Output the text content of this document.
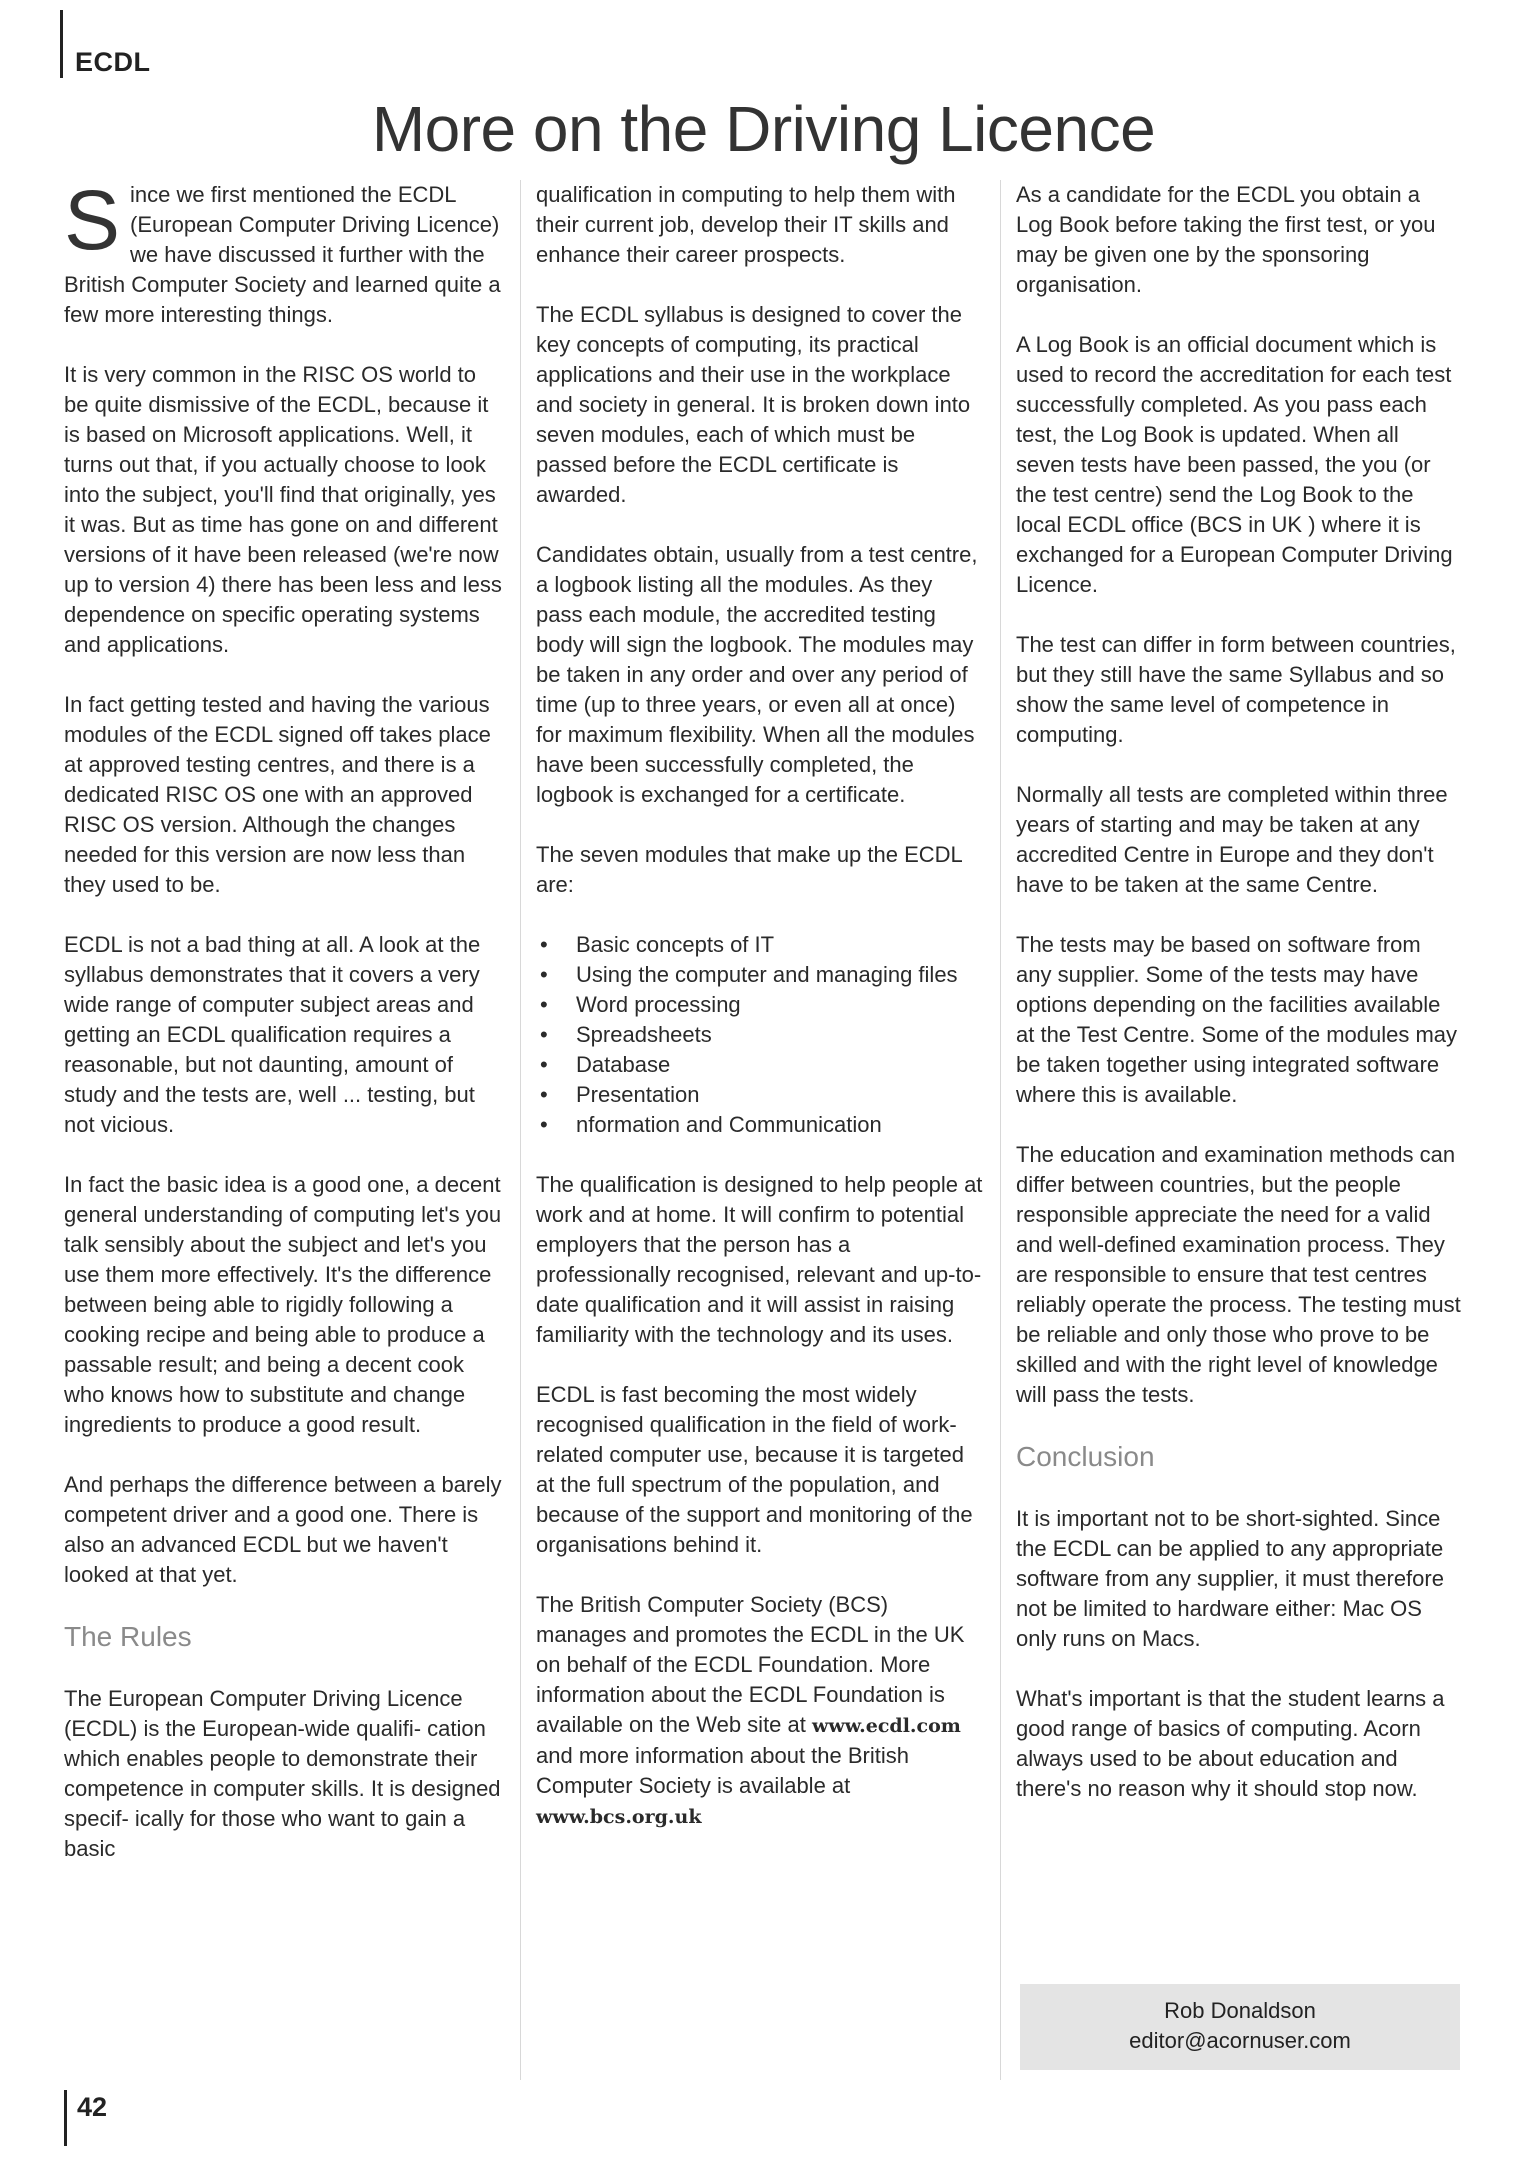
ECDL
More on the Driving Licence

Since we first mentioned the ECDL (European Computer Driving Licence) we have discussed it further with the British Computer Society and learned quite a few more interesting things.

It is very common in the RISC OS world to be quite dismissive of the ECDL, because it is based on Microsoft applications. Well, it turns out that, if you actually choose to look into the subject, you'll find that originally, yes it was. But as time has gone on and different versions of it have been released (we're now up to version 4) there has been less and less dependence on specific operating systems and applications.

In fact getting tested and having the various modules of the ECDL signed off takes place at approved testing centres, and there is a dedicated RISC OS one with an approved RISC OS version. Although the changes needed for this version are now less than they used to be.

ECDL is not a bad thing at all. A look at the syllabus demonstrates that it covers a very wide range of computer subject areas and getting an ECDL qualification requires a reasonable, but not daunting, amount of study and the tests are, well ... testing, but not vicious.

In fact the basic idea is a good one, a decent general understanding of computing let's you talk sensibly about the subject and let's you use them more effectively. It's the difference between being able to rigidly following a cooking recipe and being able to produce a passable result; and being a decent cook who knows how to substitute and change ingredients to produce a good result.

And perhaps the difference between a barely competent driver and a good one. There is also an advanced ECDL but we haven't looked at that yet.

The Rules

The European Computer Driving Licence (ECDL) is the European-wide qualifi- cation which enables people to demonstrate their competence in computer skills. It is designed specif- ically for those who want to gain a basic

qualification in computing to help them with their current job, develop their IT skills and enhance their career prospects.

The ECDL syllabus is designed to cover the key concepts of computing, its practical applications and their use in the workplace and society in general. It is broken down into seven modules, each of which must be passed before the ECDL certificate is awarded.

Candidates obtain, usually from a test centre, a logbook listing all the modules. As they pass each module, the accredited testing body will sign the logbook. The modules may be taken in any order and over any period of time (up to three years, or even all at once) for maximum flexibility. When all the modules have been successfully completed, the logbook is exchanged for a certificate.

The seven modules that make up the ECDL are:

• Basic concepts of IT
• Using the computer and managing files
• Word processing
• Spreadsheets
• Database
• Presentation
• nformation and Communication

The qualification is designed to help people at work and at home. It will confirm to potential employers that the person has a professionally recognised, relevant and up-to-date qualification and it will assist in raising familiarity with the technology and its uses.

ECDL is fast becoming the most widely recognised qualification in the field of work-related computer use, because it is targeted at the full spectrum of the population, and because of the support and monitoring of the organisations behind it.

The British Computer Society (BCS) manages and promotes the ECDL in the UK on behalf of the ECDL Foundation. More information about the ECDL Foundation is available on the Web site at www.ecdl.com and more information about the British Computer Society is available at www.bcs.org.uk

As a candidate for the ECDL you obtain a Log Book before taking the first test, or you may be given one by the sponsoring organisation.

A Log Book is an official document which is used to record the accreditation for each test successfully completed. As you pass each test, the Log Book is updated. When all seven tests have been passed, the you (or the test centre) send the Log Book to the local ECDL office (BCS in UK ) where it is exchanged for a European Computer Driving Licence.

The test can differ in form between countries, but they still have the same Syllabus and so show the same level of competence in computing.

Normally all tests are completed within three years of starting and may be taken at any accredited Centre in Europe and they don't have to be taken at the same Centre.

The tests may be based on software from any supplier. Some of the tests may have options depending on the facilities available at the Test Centre. Some of the modules may be taken together using integrated software where this is available.

The education and examination methods can differ between countries, but the people responsible appreciate the need for a valid and well-defined examination process. They are responsible to ensure that test centres reliably operate the process. The testing must be reliable and only those who prove to be skilled and with the right level of knowledge will pass the tests.

Conclusion

It is important not to be short-sighted. Since the ECDL can be applied to any appropriate software from any supplier, it must therefore not be limited to hardware either: Mac OS only runs on Macs.

What's important is that the student learns a good range of basics of computing. Acorn always used to be about education and there's no reason why it should stop now.

Rob Donaldson
editor@acornuser.com
42
